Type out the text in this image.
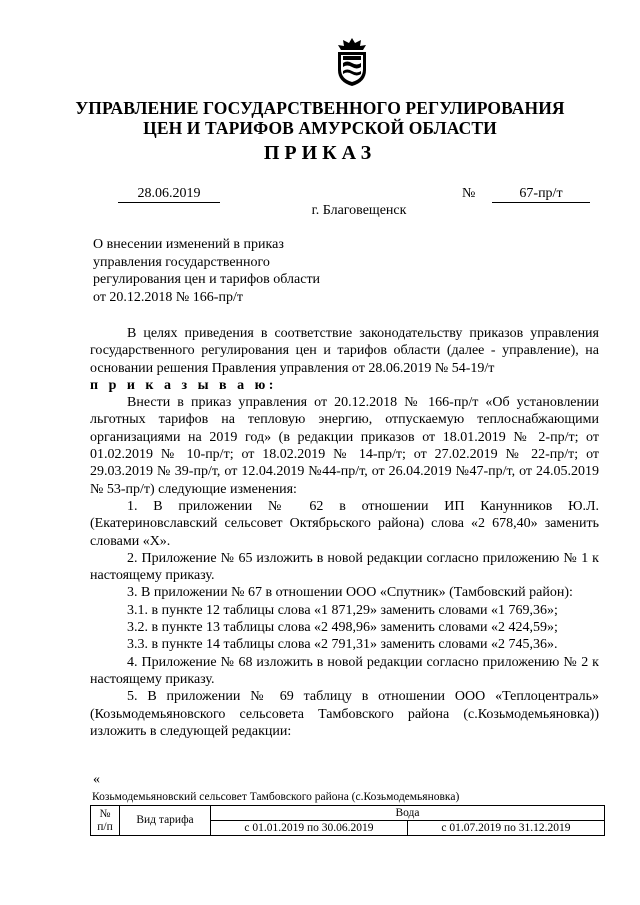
УПРАВЛЕНИЕ ГОСУДАРСТВЕННОГО РЕГУЛИРОВАНИЯ
ЦЕН И ТАРИФОВ АМУРСКОЙ ОБЛАСТИ
ПРИКАЗ
28.06.2019	№	67-пр/т
г. Благовещенск
О внесении изменений в приказ
управления государственного
регулирования цен и тарифов области
от 20.12.2018 № 166-пр/т

В целях приведения в соответствие законодательству приказов управления государственного регулирования цен и тарифов области (далее - управление), на основании решения Правления управления от 28.06.2019 № 54-19/т

п р и к а з ы в а ю:

Внести в приказ управления от 20.12.2018 № 166-пр/т «Об установлении льготных тарифов на тепловую энергию, отпускаемую теплоснабжающими организациями на 2019 год» (в редакции приказов от 18.01.2019 № 2-пр/т; от 01.02.2019 № 10-пр/т; от 18.02.2019 № 14-пр/т; от 27.02.2019 № 22-пр/т; от 29.03.2019 № 39-пр/т, от 12.04.2019 №44-пр/т, от 26.04.2019 №47-пр/т, от 24.05.2019 № 53-пр/т) следующие изменения:

1. В приложении № 62 в отношении ИП Канунников Ю.Л. (Екатериновславский сельсовет Октябрьского района) слова «2 678,40» заменить словами «Х».

2. Приложение № 65 изложить в новой редакции согласно приложению № 1 к настоящему приказу.

3. В приложении № 67 в отношении ООО «Спутник» (Тамбовский район):

3.1. в пункте 12 таблицы слова «1 871,29» заменить словами «1 769,36»;

3.2. в пункте 13 таблицы слова «2 498,96» заменить словами «2 424,59»;

3.3. в пункте 14 таблицы слова «2 791,31» заменить словами «2 745,36».

4. Приложение № 68 изложить в новой редакции согласно приложению № 2 к настоящему приказу.

5. В приложении № 69 таблицу в отношении ООО «Теплоцентраль» (Козьмодемьяновского сельсовета Тамбовского района (с.Козьмодемьяновка)) изложить в следующей редакции:

«
Козьмодемьяновский сельсовет Тамбовского района (с.Козьмодемьяновка)
№
п/п	Вид тарифа	Вода	
		с 01.01.2019 по 30.06.2019	с 01.07.2019 по 31.12.2019
